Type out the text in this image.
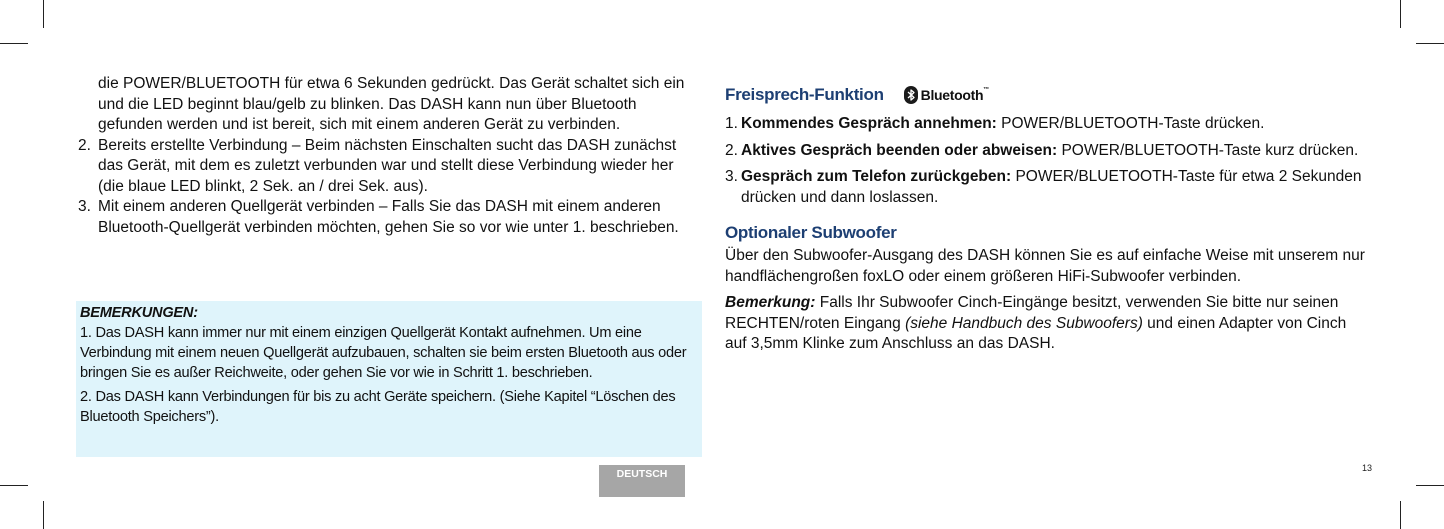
die POWER/BLUETOOTH für etwa 6 Sekunden gedrückt. Das Gerät schaltet sich ein und die LED beginnt blau/gelb zu blinken. Das DASH kann nun über Bluetooth gefunden werden und ist bereit, sich mit einem anderen Gerät zu verbinden.
2. Bereits erstellte Verbindung – Beim nächsten Einschalten sucht das DASH zunächst das Gerät, mit dem es zuletzt verbunden war und stellt diese Verbindung wieder her (die blaue LED blinkt, 2 Sek. an / drei Sek. aus).
3. Mit einem anderen Quellgerät verbinden – Falls Sie das DASH mit einem anderen Bluetooth-Quellgerät verbinden möchten, gehen Sie so vor wie unter 1. beschrieben.
BEMERKUNGEN:

1. Das DASH kann immer nur mit einem einzigen Quellgerät Kontakt aufnehmen. Um eine Verbindung mit einem neuen Quellgerät aufzubauen, schalten sie beim ersten Bluetooth aus oder bringen Sie es außer Reichweite, oder gehen Sie vor wie in Schritt 1. beschrieben.

2. Das DASH kann Verbindungen für bis zu acht Geräte speichern. (Siehe Kapitel “Löschen des Bluetooth Speichers”).

DEUTSCH
Freisprech-Funktion	Bluetooth™
1. Kommendes Gespräch annehmen: POWER/BLUETOOTH-Taste drücken.
2. Aktives Gespräch beenden oder abweisen: POWER/BLUETOOTH-Taste kurz drücken.
3. Gespräch zum Telefon zurückgeben: POWER/BLUETOOTH-Taste für etwa 2 Sekunden drücken und dann loslassen.
Optionaler Subwoofer
Über den Subwoofer-Ausgang des DASH können Sie es auf einfache Weise mit unserem nur handflächengroßen foxLO oder einem größeren HiFi-Subwoofer verbinden.
Bemerkung: Falls Ihr Subwoofer Cinch-Eingänge besitzt, verwenden Sie bitte nur seinen RECHTEN/roten Eingang (siehe Handbuch des Subwoofers) und einen Adapter von Cinch auf 3,5mm Klinke zum Anschluss an das DASH.
13
